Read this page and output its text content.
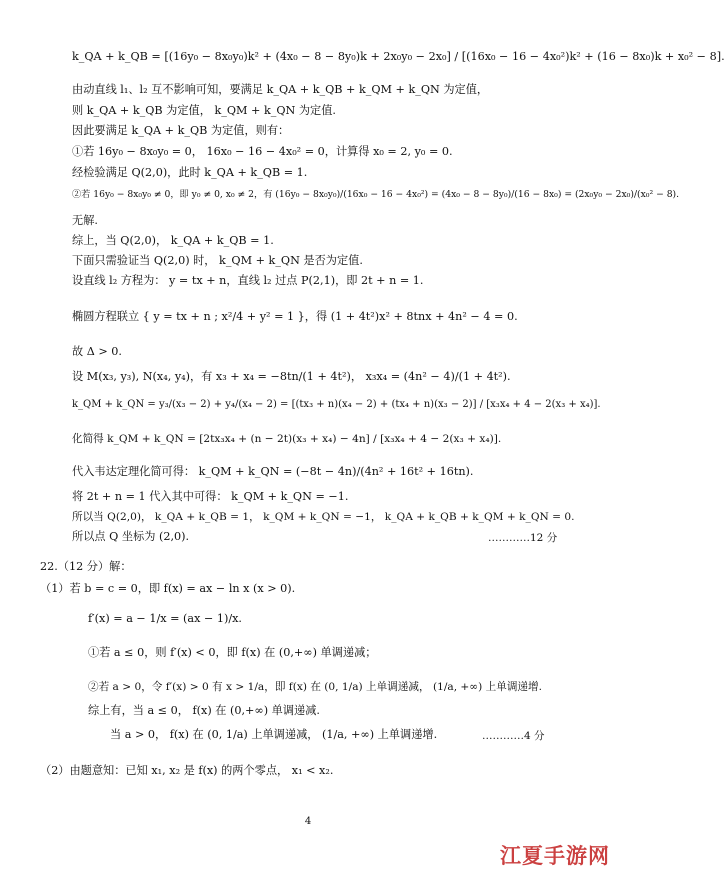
k_QA + k_QB = [(16y₀ − 8x₀y₀)k² + (4x₀ − 8 − 8y₀)k + 2x₀y₀ − 2x₀] / [(16x₀ − 16 − 4x₀²)k² + (16 − 8x₀)k + x₀² − 8].
由动直线 l₁、l₂ 互不影响可知，要满足 k_QA + k_QB + k_QM + k_QN 为定值，
则 k_QA + k_QB 为定值， k_QM + k_QN 为定值.
因此要满足 k_QA + k_QB 为定值，则有：
①若 16y₀ − 8x₀y₀ = 0， 16x₀ − 16 − 4x₀² = 0，计算得 x₀ = 2, y₀ = 0.
经检验满足 Q(2,0)，此时 k_QA + k_QB = 1.
②若 16y₀ − 8x₀y₀ ≠ 0，即 y₀ ≠ 0, x₀ ≠ 2，有 (16y₀ − 8x₀y₀)/(16x₀ − 16 − 4x₀²) = (4x₀ − 8 − 8y₀)/(16 − 8x₀) = (2x₀y₀ − 2x₀)/(x₀² − 8).
无解.
综上，当 Q(2,0)， k_QA + k_QB = 1.
下面只需验证当 Q(2,0) 时， k_QM + k_QN 是否为定值.
设直线 l₂ 方程为： y = tx + n，直线 l₂ 过点 P(2,1)，即 2t + n = 1.
椭圆方程联立 { y = tx + n ; x²/4 + y² = 1 }，得 (1 + 4t²)x² + 8tnx + 4n² − 4 = 0.
故 Δ > 0.
设 M(x₃, y₃), N(x₄, y₄)，有 x₃ + x₄ = −8tn/(1 + 4t²)， x₃x₄ = (4n² − 4)/(1 + 4t²).
k_QM + k_QN = y₃/(x₃ − 2) + y₄/(x₄ − 2) = [(tx₃ + n)(x₄ − 2) + (tx₄ + n)(x₃ − 2)] / [x₃x₄ + 4 − 2(x₃ + x₄)].
化简得 k_QM + k_QN = [2tx₃x₄ + (n − 2t)(x₃ + x₄) − 4n] / [x₃x₄ + 4 − 2(x₃ + x₄)].
代入韦达定理化简可得： k_QM + k_QN = (−8t − 4n)/(4n² + 16t² + 16tn).
将 2t + n = 1 代入其中可得： k_QM + k_QN = −1.
所以当 Q(2,0)， k_QA + k_QB = 1， k_QM + k_QN = −1， k_QA + k_QB + k_QM + k_QN = 0.
所以点 Q 坐标为 (2,0).	…………12 分
22.（12 分）解：
（1）若 b = c = 0，即 f(x) = ax − ln x (x > 0).
f′(x) = a − 1/x = (ax − 1)/x.
①若 a ≤ 0，则 f′(x) < 0，即 f(x) 在 (0,+∞) 单调递减；
②若 a > 0，令 f′(x) > 0 有 x > 1/a，即 f(x) 在 (0, 1/a) 上单调递减， (1/a, +∞) 上单调递增.
综上有，当 a ≤ 0， f(x) 在 (0,+∞) 单调递减.
当 a > 0， f(x) 在 (0, 1/a) 上单调递减， (1/a, +∞) 上单调递增.	…………4 分
（2）由题意知：已知 x₁, x₂ 是 f(x) 的两个零点， x₁ < x₂.
4
江夏手游网
